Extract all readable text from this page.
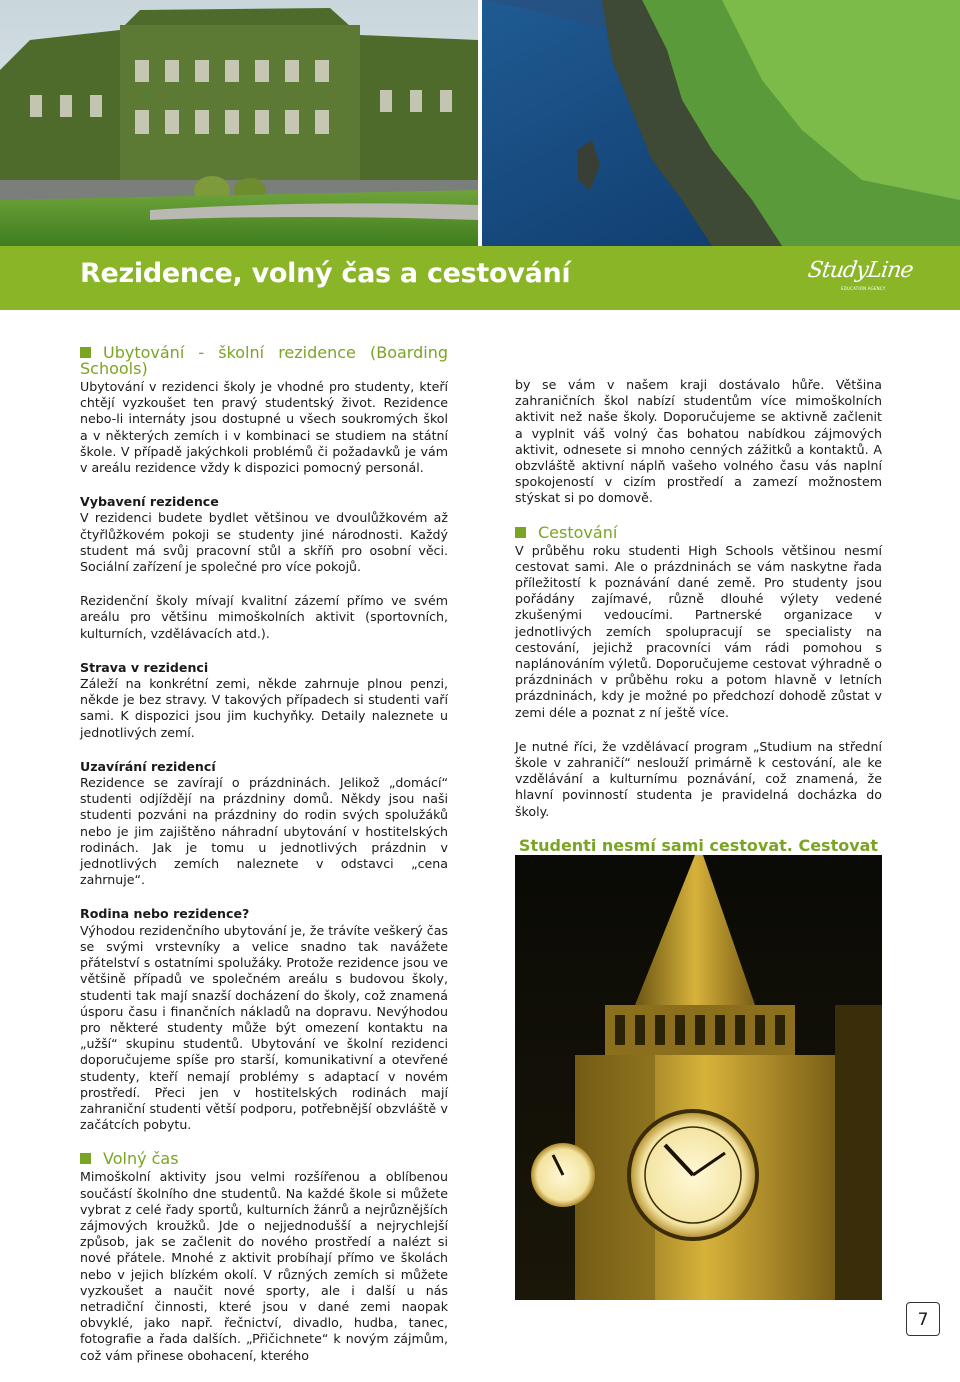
Rezidence, volný čas a cestování	StudyLine
EDUCATION AGENCY
Ubytování - školní rezidence (Boarding Schools)

Ubytování v rezidenci školy je vhodné pro studenty, kteří chtějí vyzkoušet ten pravý studentský život. Rezidence nebo-li internáty jsou dostupné u všech soukromých škol a v některých zemích i v kombinaci se studiem na státní škole. V případě jakýchkoli problémů či požadavků je vám v areálu rezidence vždy k dispozici pomocný personál.

Vybavení rezidence

V rezidenci budete bydlet většinou ve dvoulůžkovém až čtyřlůžkovém pokoji se studenty jiné národnosti. Každý student má svůj pracovní stůl a skříň pro osobní věci. Sociální zařízení je společné pro více pokojů.

Rezidenční školy mívají kvalitní zázemí přímo ve svém areálu pro většinu mimoškolních aktivit (sportovních, kulturních, vzdělávacích atd.).

Strava v rezidenci

Záleží na konkrétní zemi, někde zahrnuje plnou penzi, někde je bez stravy. V takových případech si studenti vaří sami. K dispozici jsou jim kuchyňky. Detaily naleznete u jednotlivých zemí.

Uzavírání rezidencí

Rezidence se zavírají o prázdninách. Jelikož „domácí“ studenti odjíždějí na prázdniny domů. Někdy jsou naši studenti pozváni na prázdniny do rodin svých spolužáků nebo je jim zajištěno náhradní ubytování v hostitelských rodinách. Jak je tomu u jednotlivých prázdnin v jednotlivých zemích naleznete v odstavci „cena zahrnuje“.

Rodina nebo rezidence?

Výhodou rezidenčního ubytování je, že trávíte veškerý čas se svými vrstevníky a velice snadno tak navážete přátelství s ostatními spolužáky. Protože rezidence jsou ve většině případů ve společném areálu s budovou školy, studenti tak mají snazší docházení do školy, což znamená úsporu času i finančních nákladů na dopravu. Nevýhodou pro některé studenty může být omezení kontaktu na „užší“ skupinu studentů. Ubytování ve školní rezidenci doporučujeme spíše pro starší, komunikativní a otevřené studenty, kteří nemají problémy s adaptací v novém prostředí. Přeci jen v hostitelských rodinách mají zahraniční studenti větší podporu, potřebnější obzvláště v začátcích pobytu.

Volný čas

Mimoškolní aktivity jsou velmi rozšířenou a oblíbenou součástí školního dne studentů. Na každé škole si můžete vybrat z celé řady sportů, kulturních žánrů a nejrůznějších zájmových kroužků. Jde o nejjednodušší a nejrychlejší způsob, jak se začlenit do nového prostředí a nalézt si nové přátele. Mnohé z aktivit probíhají přímo ve školách nebo v jejich blízkém okolí. V různých zemích si můžete vyzkoušet a naučit nové sporty, ale i další u nás netradiční činnosti, které jsou v dané zemi naopak obvyklé, jako např. řečnictví, divadlo, hudba, tanec, fotografie a řada dalších. „Přičichnete“ k novým zájmům, což vám přinese obohacení, kterého

by se vám v našem kraji dostávalo hůře. Většina zahraničních škol nabízí studentům více mimoškolních aktivit než naše školy. Doporučujeme se aktivně začlenit a vyplnit váš volný čas bohatou nabídkou zájmových aktivit, odnesete si mnoho cenných zážitků a kontaktů. A obzvláště aktivní náplň vašeho volného času vás naplní spokojeností v cizím prostředí a zamezí možnostem stýskat si po domově.

Cestování

V průběhu roku studenti High Schools většinou nesmí cestovat sami. Ale o prázdninách se vám naskytne řada příležitostí k poznávání dané země. Pro studenty jsou pořádány zajímavé, různě dlouhé výlety vedené zkušenými vedoucími. Partnerské organizace v jednotlivých zemích spolupracují se specialisty na cestování, jejichž pracovníci vám rádi pomohou s naplánováním výletů. Doporučujeme cestovat výhradně o prázdninách v průběhu roku a potom hlavně v letních prázdninách, kdy je možné po předchozí dohodě zůstat v zemi déle a poznat z ní ještě více.

Je nutné říci, že vzdělávací program „Studium na střední škole v zahraničí“ neslouží primárně k cestování, ale ke vzdělávání a kulturnímu poznávání, což znamená, že hlavní povinností studenta je pravidelná docházka do školy.

Studenti nesmí sami cestovat. Cestovat

7
